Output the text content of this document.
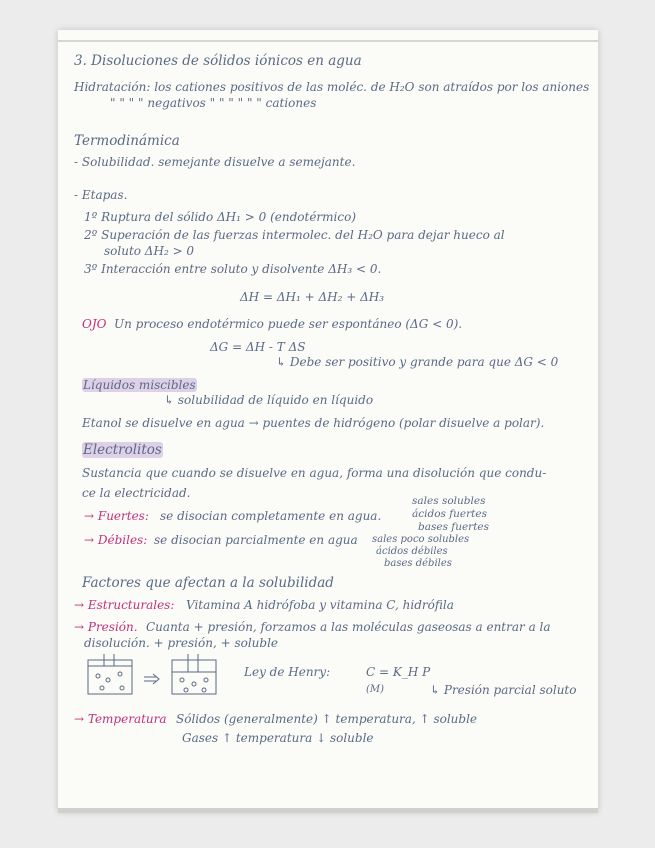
3. Disoluciones de sólidos iónicos en agua
Hidratación: los cationes positivos de las moléc. de H₂O son atraídos por los aniones
" " " " negativos " " " " " " cationes
Termodinámica
- Solubilidad. semejante disuelve a semejante.
- Etapas.
1º Ruptura del sólido ΔH₁ > 0 (endotérmico)
2º Superación de las fuerzas intermolec. del H₂O para dejar hueco al
soluto ΔH₂ > 0
3º Interacción entre soluto y disolvente ΔH₃ < 0.
ΔH = ΔH₁ + ΔH₂ + ΔH₃
OJO Un proceso endotérmico puede ser espontáneo (ΔG < 0).
ΔG = ΔH - T ΔS
↳ Debe ser positivo y grande para que ΔG < 0
Líquidos miscibles
↳ solubilidad de líquido en líquido
Etanol se disuelve en agua → puentes de hidrógeno (polar disuelve a polar).
Electrolitos
Sustancia que cuando se disuelve en agua, forma una disolución que condu-
ce la electricidad.
→ Fuertes: se disocian completamente en agua.
sales solubles
ácidos fuertes
bases fuertes
→ Débiles: se disocian parcialmente en agua sales poco solubles
ácidos débiles
bases débiles
Factores que afectan a la solubilidad
→ Estructurales: Vitamina A hidrófoba y vitamina C, hidrófila
→ Presión. Cuanta + presión, forzamos a las moléculas gaseosas a entrar a la
disolución. + presión, + soluble
Ley de Henry:	C = K_H P
(M)	↳ Presión parcial soluto
→ Temperatura Sólidos (generalmente) ↑ temperatura, ↑ soluble
Gases ↑ temperatura ↓ soluble
